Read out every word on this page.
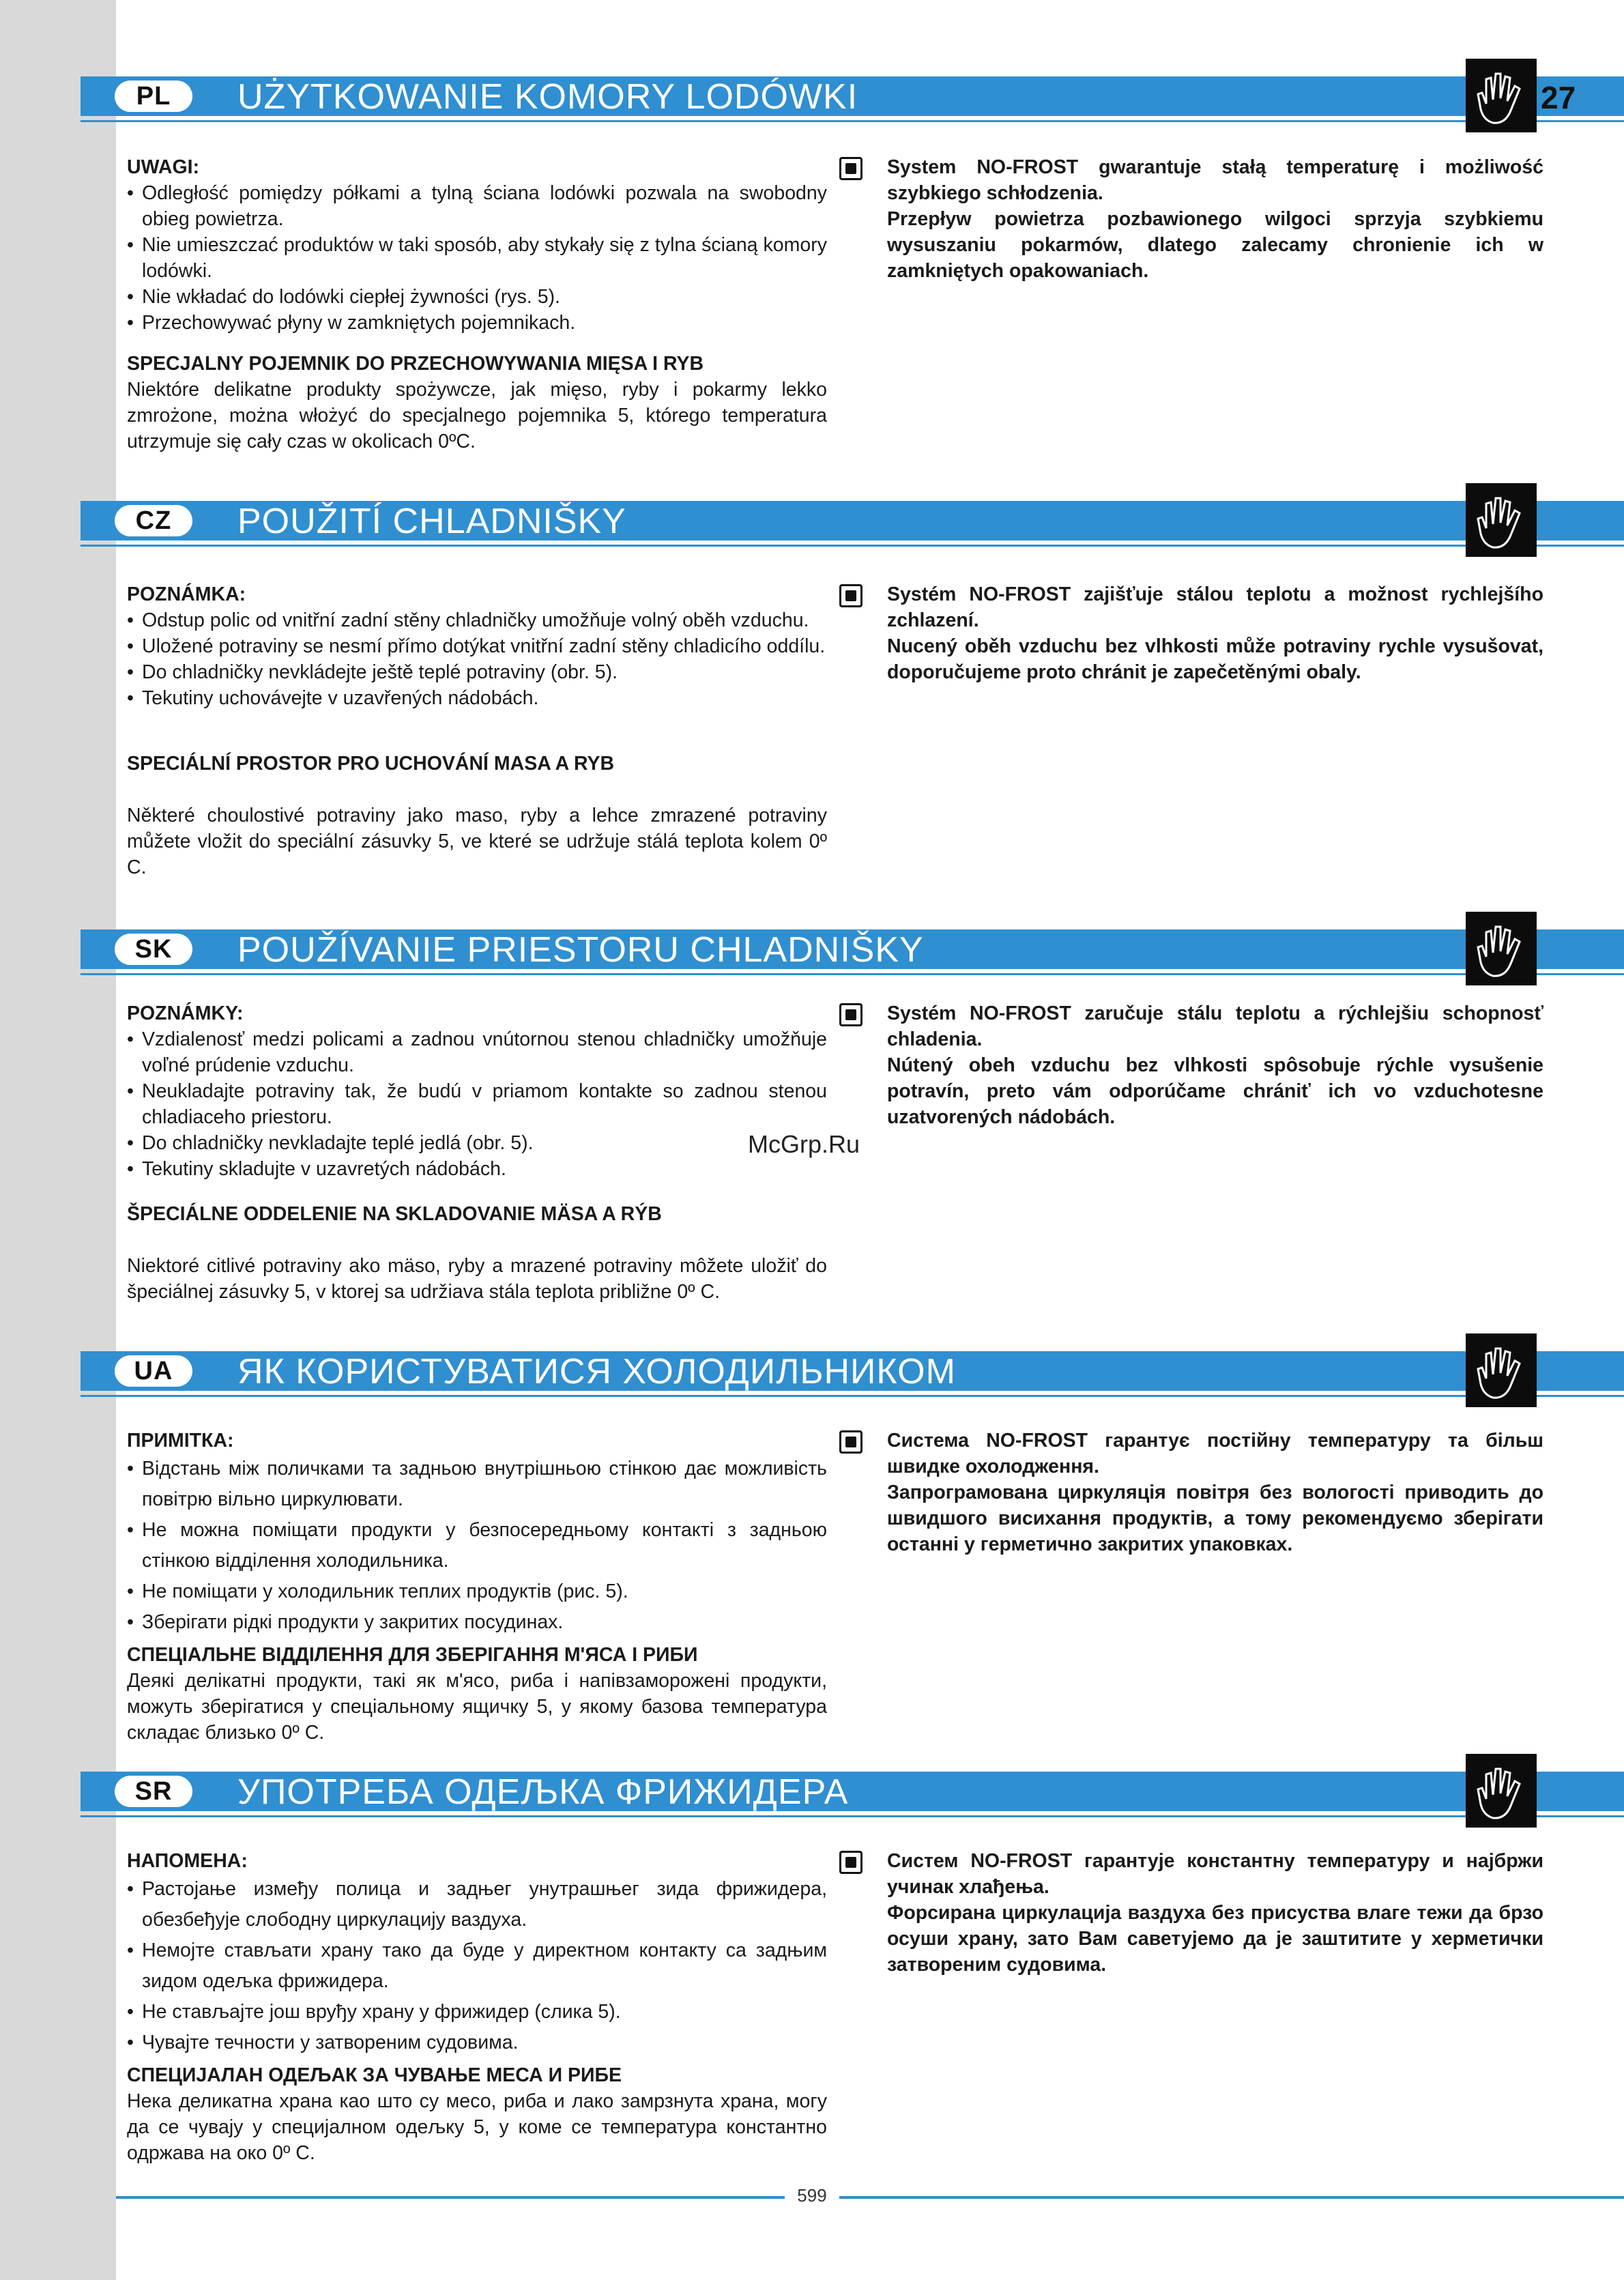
PL	UŻYTKOWANIE KOMORY LODÓWKI	27
UWAGI:
• Odległość pomiędzy półkami a tylną ściana lodówki pozwala na swobodny obieg powietrza.
• Nie umieszczać produktów w taki sposób, aby stykały się z tylna ścianą komory lodówki.
• Nie wkładać do lodówki ciepłej żywności (rys. 5).
• Przechowywać płyny w zamkniętych pojemnikach.
SPECJALNY POJEMNIK DO PRZECHOWYWANIA MIĘSA I RYB

Niektóre delikatne produkty spożywcze, jak mięso, ryby i pokarmy lekko zmrożone, można włożyć do specjalnego pojemnika 5, którego temperatura utrzymuje się cały czas w okolicach 0ºC.

System NO-FROST gwarantuje stałą temperaturę i możliwość szybkiego schłodzenia.

Przepływ powietrza pozbawionego wilgoci sprzyja szybkiemu wysuszaniu pokarmów, dlatego zalecamy chronienie ich w zamkniętych opakowaniach.

CZ	POUŽITÍ CHLADNIŠKY
POZNÁMKA:
• Odstup polic od vnitřní zadní stěny chladničky umožňuje volný oběh vzduchu.
• Uložené potraviny se nesmí přímo dotýkat vnitřní zadní stěny chladicího oddílu.
• Do chladničky nevkládejte ještě teplé potraviny (obr. 5).
• Tekutiny uchovávejte v uzavřených nádobách.
SPECIÁLNÍ PROSTOR PRO UCHOVÁNÍ MASA A RYB

Některé choulostivé potraviny jako maso, ryby a lehce zmrazené potraviny můžete vložit do speciální zásuvky 5, ve které se udržuje stálá teplota kolem 0º C.

Systém NO-FROST zajišťuje stálou teplotu a možnost rychlejšího zchlazení.

Nucený oběh vzduchu bez vlhkosti může potraviny rychle vysušovat, doporučujeme proto chránit je zapečetěnými obaly.

SK	POUŽÍVANIE PRIESTORU CHLADNIŠKY
POZNÁMKY:
• Vzdialenosť medzi policami a zadnou vnútornou stenou chladničky umožňuje voľné prúdenie vzduchu.
• Neukladajte potraviny tak, že budú v priamom kontakte so zadnou stenou chladiaceho priestoru.
• Do chladničky nevkladajte teplé jedlá (obr. 5).
• Tekutiny skladujte v uzavretých nádobách.
ŠPECIÁLNE ODDELENIE NA SKLADOVANIE MÄSA A RÝB

Niektoré citlivé potraviny ako mäso, ryby a mrazené potraviny môžete uložiť do špeciálnej zásuvky 5, v ktorej sa udržiava stála teplota približne 0º C.

Systém NO-FROST zaručuje stálu teplotu a rýchlejšiu schopnosť chladenia.

Nútený obeh vzduchu bez vlhkosti spôsobuje rýchle vysušenie potravín, preto vám odporúčame chrániť ich vo vzduchotesne uzatvorených nádobách.

UA	ЯК КОРИСТУВАТИСЯ ХОЛОДИЛЬНИКОМ
ПРИМІТКА:
• Відстань між поличками та задньою внутрішньою стінкою дає можливість повітрю вільно циркулювати.
• Не можна поміщати продукти у безпосередньому контакті з задньою стінкою відділення холодильника.
• Не поміщати у холодильник теплих продуктів (рис. 5).
• Зберігати рідкі продукти у закритих посудинах.
СПЕЦІАЛЬНЕ ВІДДІЛЕННЯ ДЛЯ ЗБЕРІГАННЯ М'ЯСА І РИБИ

Деякі делікатні продукти, такі як м'ясо, риба і напівзаморожені продукти, можуть зберігатися у спеціальному ящичку 5, у якому базова температура складає близько 0º С.

Система NO-FROST гарантує постійну температуру та більш швидке охолодження.

Запрограмована циркуляція повітря без вологості приводить до швидшого висихання продуктів, а тому рекомендуємо зберігати останні у герметично закритих упаковках.

SR	УПОТРЕБА ОДЕЉКА ФРИЖИДЕРА
НАПОМЕНА:
• Растојање између полица и задњег унутрашњег зида фрижидера, обезбеђује слободну циркулацију ваздуха.
• Немојте стављати храну тако да буде у директном контакту са задњим зидом одељка фрижидера.
• Не стављајте још вруђу храну у фрижидер (слика 5).
• Чувајте течности у затвореним судовима.
СПЕЦИЈАЛАН ОДЕЉАК ЗА ЧУВАЊЕ МЕСА И РИБЕ

Нека деликатна храна као што су месо, риба и лако замрзнута храна, могу да се чувају у специјалном одељку 5, у коме се температура константно одржава на око 0º С.

Систем NO-FROST гарантује константну температуру и најбржи учинак хлађења.

Форсирана циркулација ваздуха без присуства влаге тежи да брзо осуши храну, зато Вам саветујемо да је заштитите у херметички затвореним судовима.

McGrp.Ru
599
